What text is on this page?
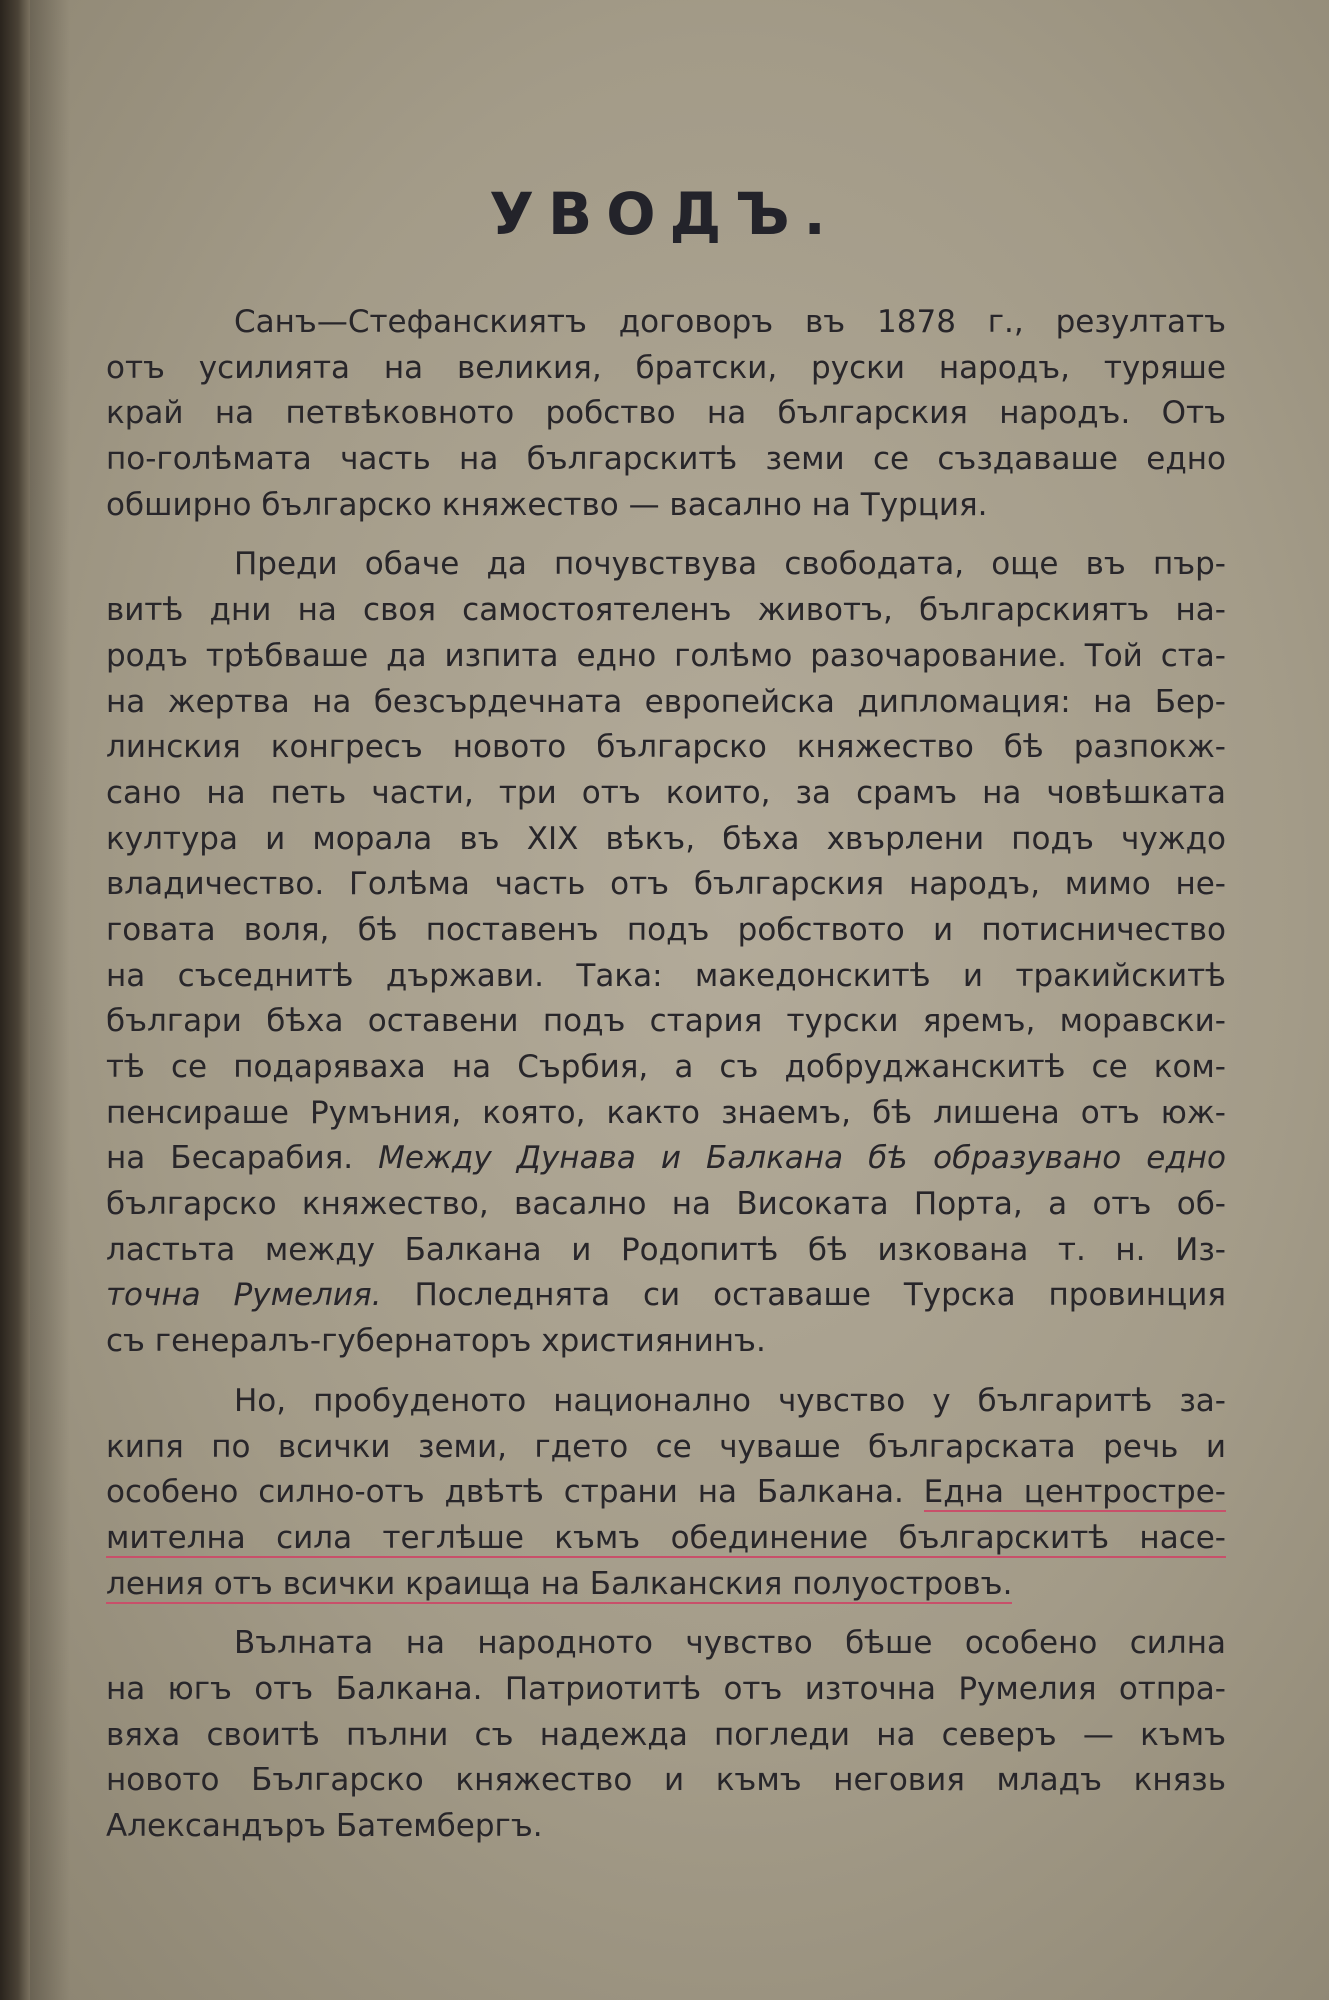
УВОДЪ.

Санъ—Стефанскиятъ договоръ въ 1878 г., резултатъ
отъ усилията на великия, братски, руски народъ, туряше
край на петвѣковното робство на българския народъ. Отъ
по-голѣмата часть на българскитѣ земи се създаваше едно
обширно българско княжество — васално на Турция.

Преди обаче да почувствува свободата, още въ пър-
витѣ дни на своя самостоятеленъ животъ, българскиятъ на-
родъ трѣбваше да изпита едно голѣмо разочарование. Той ста-
на жертва на безсърдечната европейска дипломация: на Бер-
линския конгресъ новото българско княжество бѣ разпокж-
сано на петь части, три отъ които, за срамъ на човѣшката
култура и морала въ XIX вѣкъ, бѣха хвърлени подъ чуждо
владичество. Голѣма часть отъ българския народъ, мимо не-
говата воля, бѣ поставенъ подъ робството и потисничество
на съседнитѣ държави. Така: македонскитѣ и тракийскитѣ
българи бѣха оставени подъ стария турски яремъ, моравски-
тѣ се подаряваха на Сърбия, а съ добруджанскитѣ се ком-
пенсираше Румъния, която, както знаемъ, бѣ лишена отъ юж-
на Бесарабия. Между Дунава и Балкана бѣ образувано едно
българско княжество, васално на Високата Порта, а отъ об-
ластьта между Балкана и Родопитѣ бѣ изкована т. н. Из-
точна Румелия. Последнята си оставаше Турска провинция
съ генералъ-губернаторъ християнинъ.

Но, пробуденото национално чувство у българитѣ за-
кипя по всички земи, гдето се чуваше българската речь и
особено силно-отъ двѣтѣ страни на Балкана. Една центростре-
мителна сила теглѣше къмъ обединение българскитѣ насе-
ления отъ всички краища на Балканския полуостровъ.

Вълната на народното чувство бѣше особено силна
на югъ отъ Балкана. Патриотитѣ отъ източна Румелия отпра-
вяха своитѣ пълни съ надежда погледи на северъ — къмъ
новото Българско княжество и къмъ неговия младъ князь
Александъръ Батембергъ.
